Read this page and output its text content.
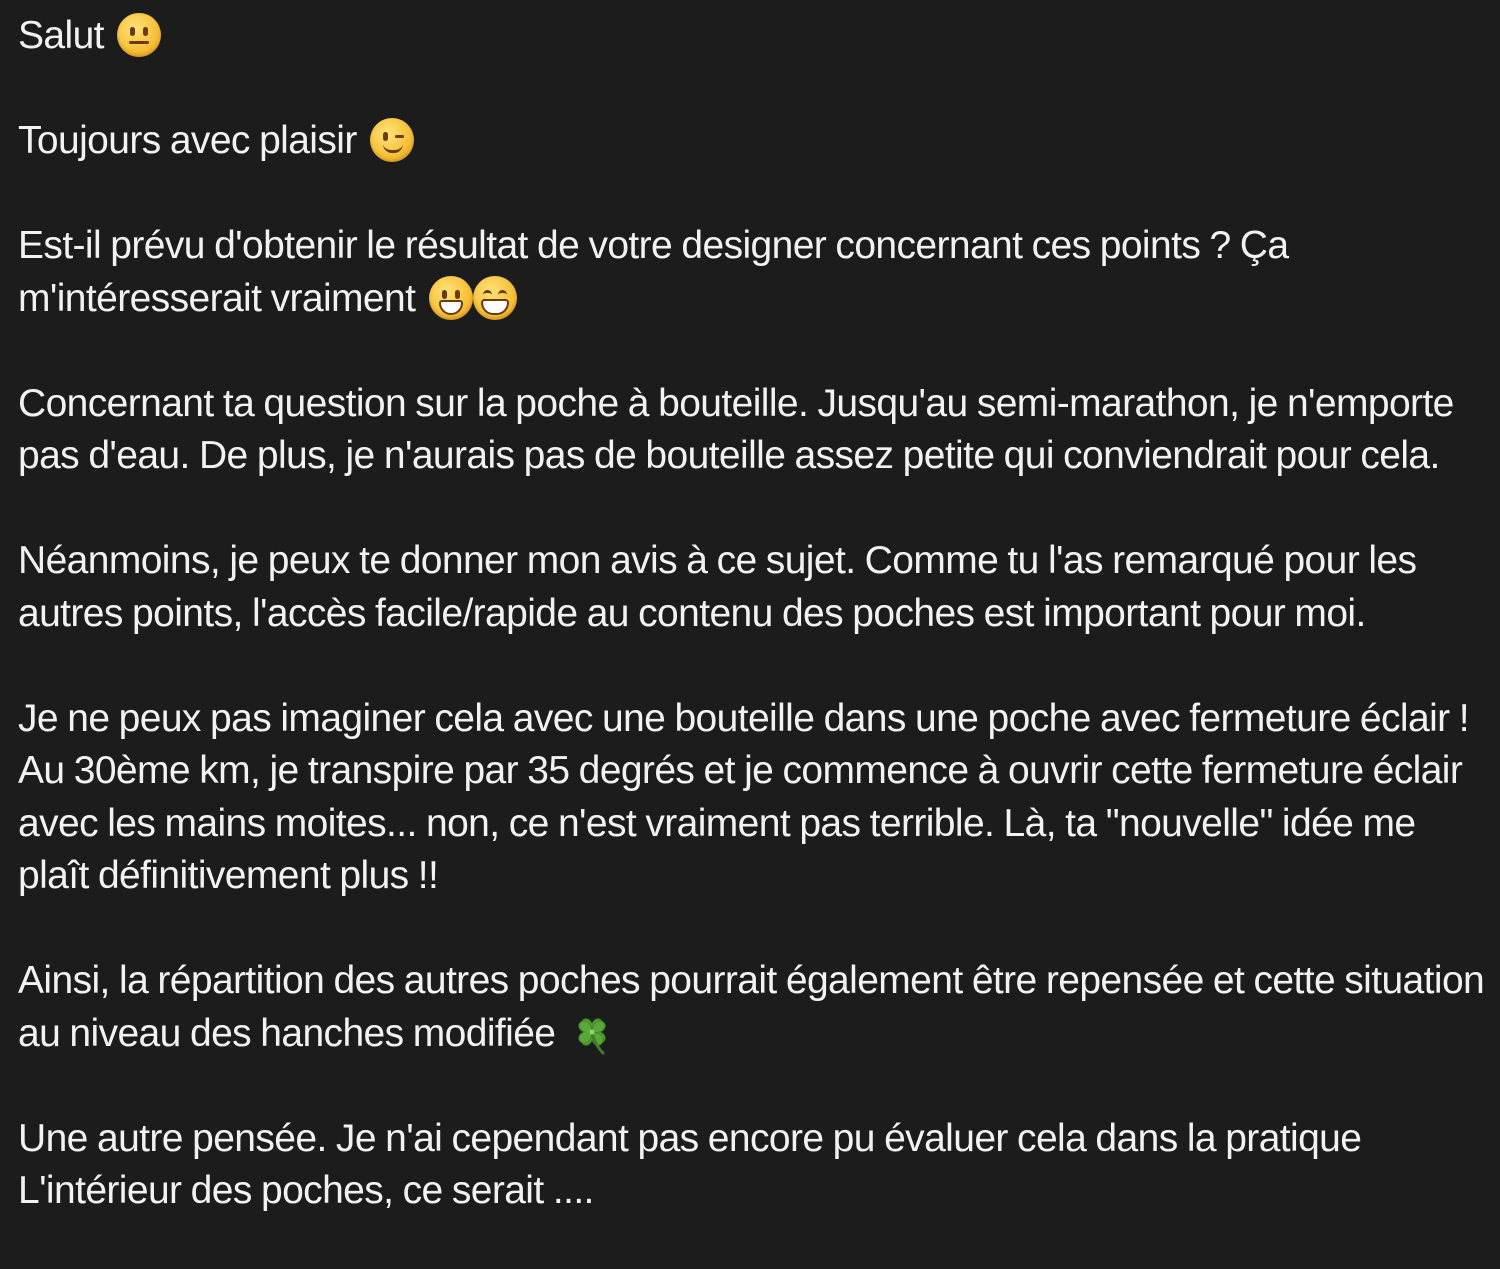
Salut

Toujours avec plaisir

Est-il prévu d'obtenir le résultat de votre designer concernant ces points ? Ça m'intéresserait vraiment

Concernant ta question sur la poche à bouteille. Jusqu'au semi-marathon, je n'emporte pas d'eau. De plus, je n'aurais pas de bouteille assez petite qui conviendrait pour cela.

Néanmoins, je peux te donner mon avis à ce sujet. Comme tu l'as remarqué pour les autres points, l'accès facile/rapide au contenu des poches est important pour moi.

Je ne peux pas imaginer cela avec une bouteille dans une poche avec fermeture éclair ! Au 30ème km, je transpire par 35 degrés et je commence à ouvrir cette fermeture éclair avec les mains moites... non, ce n'est vraiment pas terrible. Là, ta "nouvelle" idée me plaît définitivement plus !!

Ainsi, la répartition des autres poches pourrait également être repensée et cette situation au niveau des hanches modifiée

Une autre pensée. Je n'ai cependant pas encore pu évaluer cela dans la pratique L'intérieur des poches, ce serait ....
